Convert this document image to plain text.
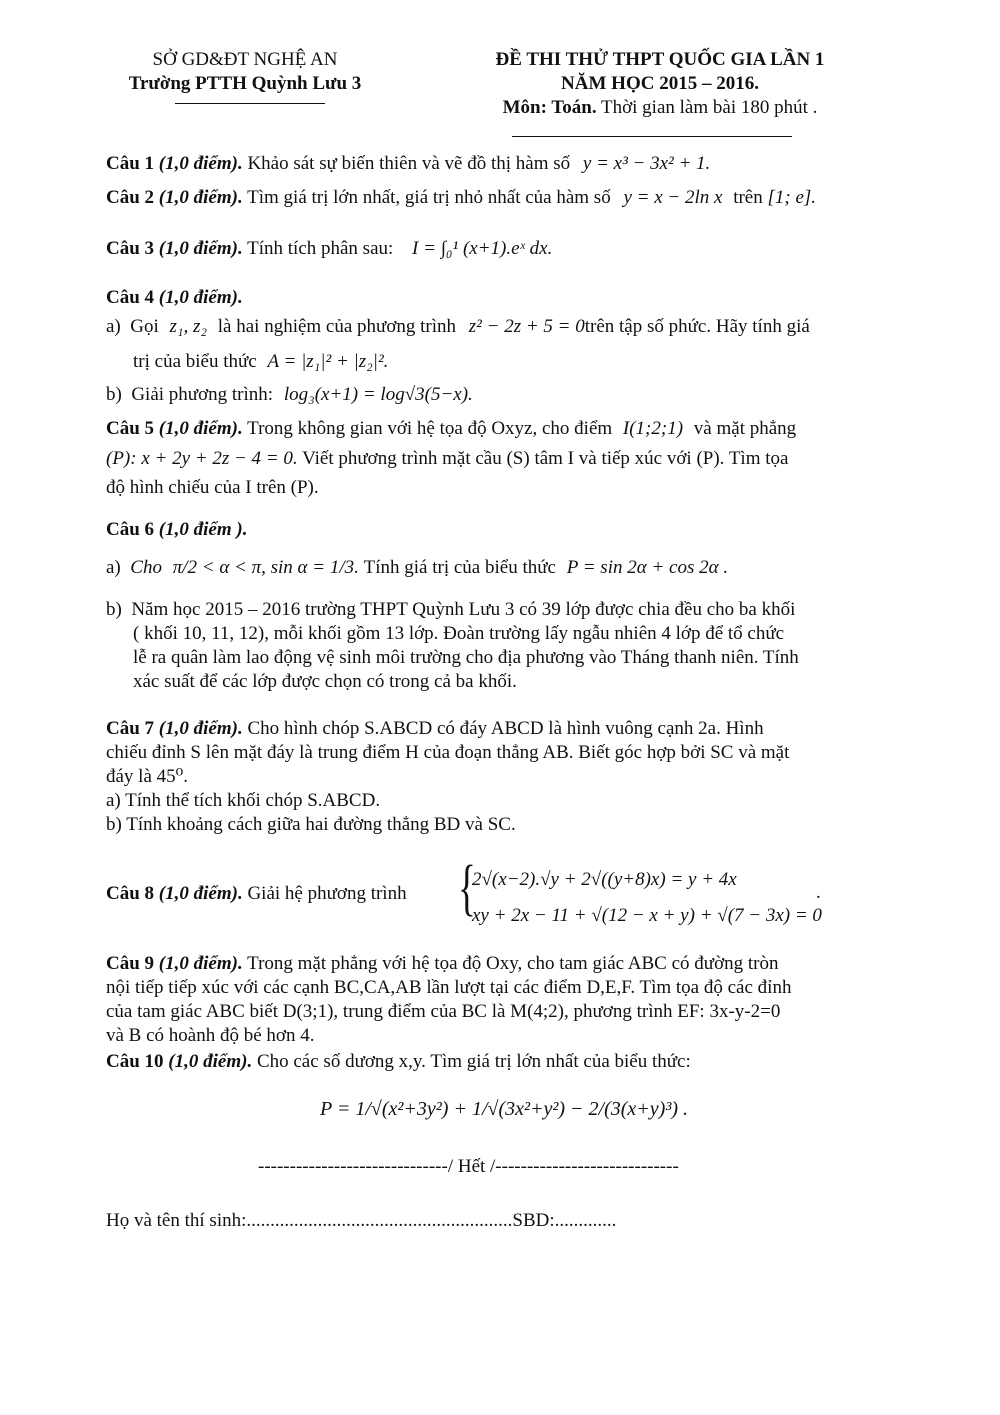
SỞ GD&ĐT NGHỆ AN
Trường PTTH Quỳnh Lưu 3
ĐỀ THI THỬ THPT QUỐC GIA LẦN 1
NĂM HỌC 2015 – 2016.
Môn: Toán. Thời gian làm bài 180 phút .
Câu 1 (1,0 điểm). Khảo sát sự biến thiên và vẽ đồ thị hàm số y = x³ − 3x² + 1.
Câu 2 (1,0 điểm). Tìm giá trị lớn nhất, giá trị nhỏ nhất của hàm số y = x − 2ln x trên [1; e].
Câu 3 (1,0 điểm). Tính tích phân sau: I = ∫₀¹ (x+1).eˣ dx.
Câu 4 (1,0 điểm).
a) Gọi z₁, z₂ là hai nghiệm của phương trình z² − 2z + 5 = 0trên tập số phức. Hãy tính giá
trị của biểu thức A = |z₁|² + |z₂|².
b) Giải phương trình: log₃(x+1) = log√3(5−x).
Câu 5 (1,0 điểm). Trong không gian với hệ tọa độ Oxyz, cho điểm I(1;2;1) và mặt phẳng
(P): x + 2y + 2z − 4 = 0. Viết phương trình mặt cầu (S) tâm I và tiếp xúc với (P). Tìm tọa
độ hình chiếu của I trên (P).
Câu 6 (1,0 điểm ).
a) Cho π/2 < α < π, sin α = 1/3. Tính giá trị của biểu thức P = sin 2α + cos 2α .
b) Năm học 2015 – 2016 trường THPT Quỳnh Lưu 3 có 39 lớp được chia đều cho ba khối
( khối 10, 11, 12), mỗi khối gồm 13 lớp. Đoàn trường lấy ngẫu nhiên 4 lớp để tổ chức
lễ ra quân làm lao động vệ sinh môi trường cho địa phương vào Tháng thanh niên. Tính
xác suất để các lớp được chọn có trong cả ba khối.
Câu 7 (1,0 điểm). Cho hình chóp S.ABCD có đáy ABCD là hình vuông cạnh 2a. Hình
chiếu đỉnh S lên mặt đáy là trung điểm H của đoạn thẳng AB. Biết góc hợp bởi SC và mặt
đáy là 45⁰.
a) Tính thể tích khối chóp S.ABCD.
b) Tính khoảng cách giữa hai đường thẳng BD và SC.
Câu 8 (1,0 điểm). Giải hệ phương trình {
2√(x−2).√y + 2√((y+8)x) = y + 4x
xy + 2x − 11 + √(12 − x + y) + √(7 − 3x) = 0
.
Câu 9 (1,0 điểm). Trong mặt phẳng với hệ tọa độ Oxy, cho tam giác ABC có đường tròn
nội tiếp tiếp xúc với các cạnh BC,CA,AB lần lượt tại các điểm D,E,F. Tìm tọa độ các đỉnh
của tam giác ABC biết D(3;1), trung điểm của BC là M(4;2), phương trình EF: 3x-y-2=0
và B có hoành độ bé hơn 4.
Câu 10 (1,0 điểm). Cho các số dương x,y. Tìm giá trị lớn nhất của biểu thức:
P = 1/√(x²+3y²) + 1/√(3x²+y²) − 2/(3(x+y)³) .
------------------------------/ Hết /-----------------------------
Họ và tên thí sinh:........................................................SBD:.............
